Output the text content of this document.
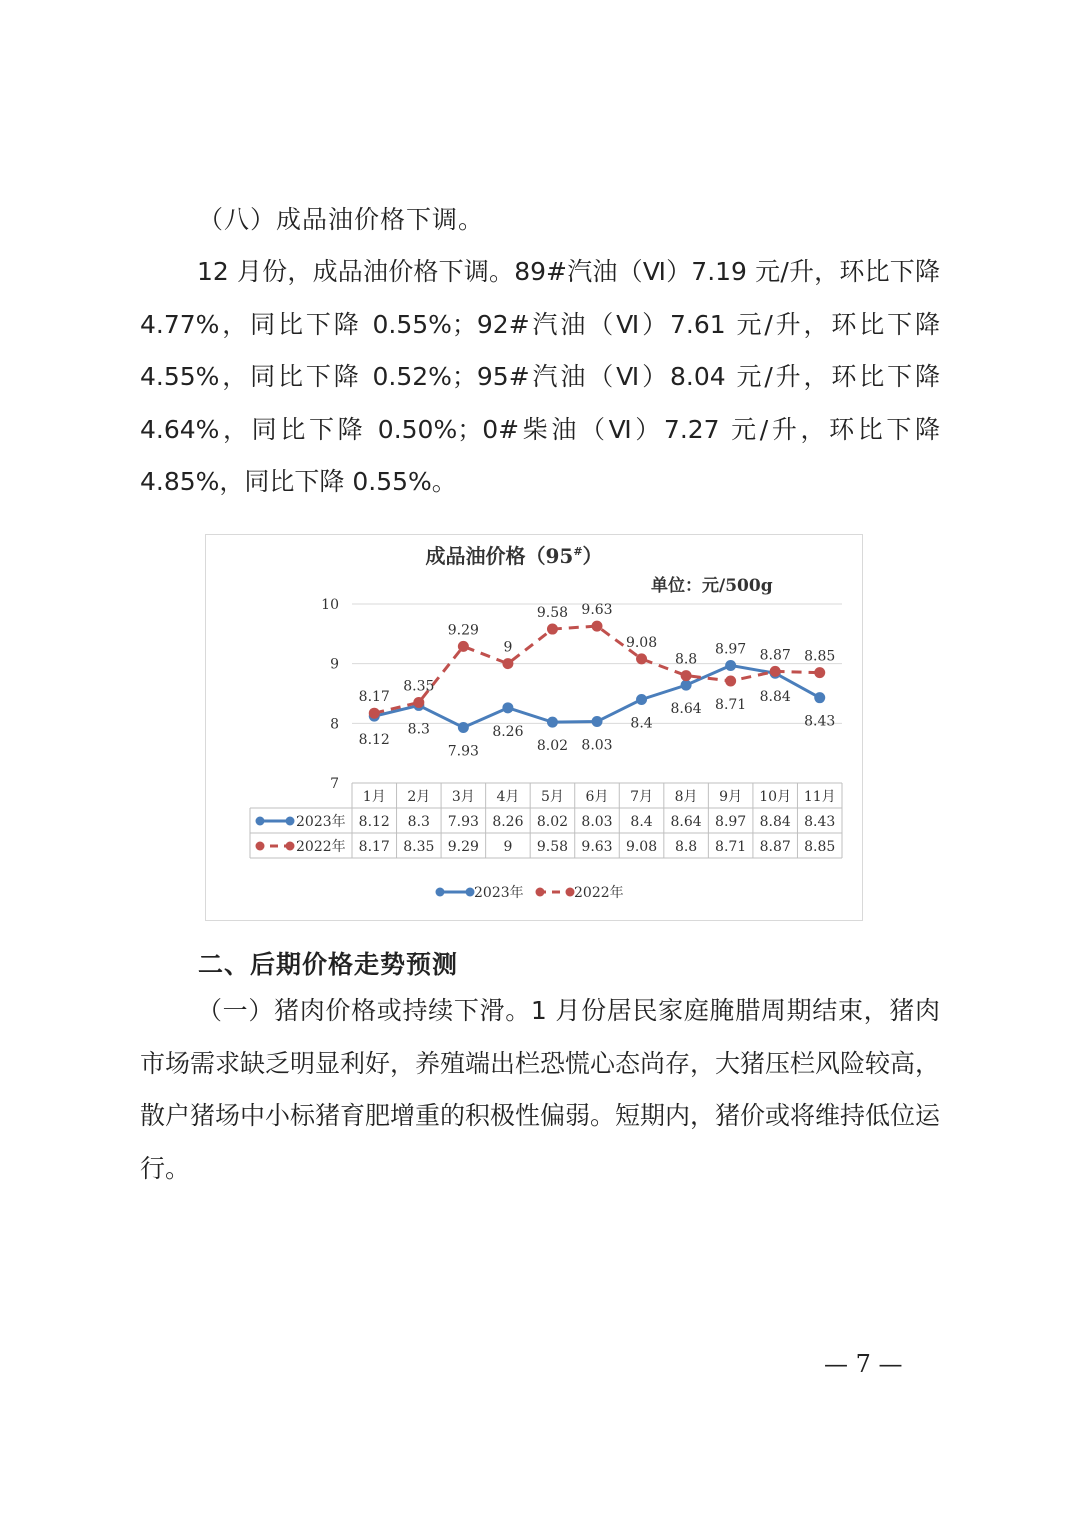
（八）成品油价格下调。

12 月份，成品油价格下调。89#汽油（Ⅵ）7.19 元/升，环比下降 4.77%，同比下降 0.55%；92#汽油（Ⅵ）7.61 元/升，环比下降 4.55%，同比下降 0.52%；95#汽油（Ⅵ）8.04 元/升，环比下降 4.64%，同比下降 0.50%；0#柴油（Ⅵ）7.27 元/升，环比下降 4.85%，同比下降 0.55%。

成品油价格（95#）
单位：元/500g
7
8
9
10
8.12
8.17
8.3
8.35
7.93
9.29
8.26
9
8.02
9.58
8.03
9.63
8.4
9.08
8.64
8.8
8.97
8.71 8.84
8.87
8.43
8.85
1月 2月 3月 4月 5月 6月 7月 8月 9月 10月 11月
2023年 8.12 8.3 7.93 8.26 8.02 8.03 8.4 8.64 8.97 8.84 8.43
2022年 8.17 8.35 9.29 9 9.58 9.63 9.08 8.8 8.71 8.87 8.85
2023年	2022年
二、后期价格走势预测

（一）猪肉价格或持续下滑。1 月份居民家庭腌腊周期结束，猪肉市场需求缺乏明显利好，养殖端出栏恐慌心态尚存，大猪压栏风险较高，散户猪场中小标猪育肥增重的积极性偏弱。短期内，猪价或将维持低位运行。

— 7 —
